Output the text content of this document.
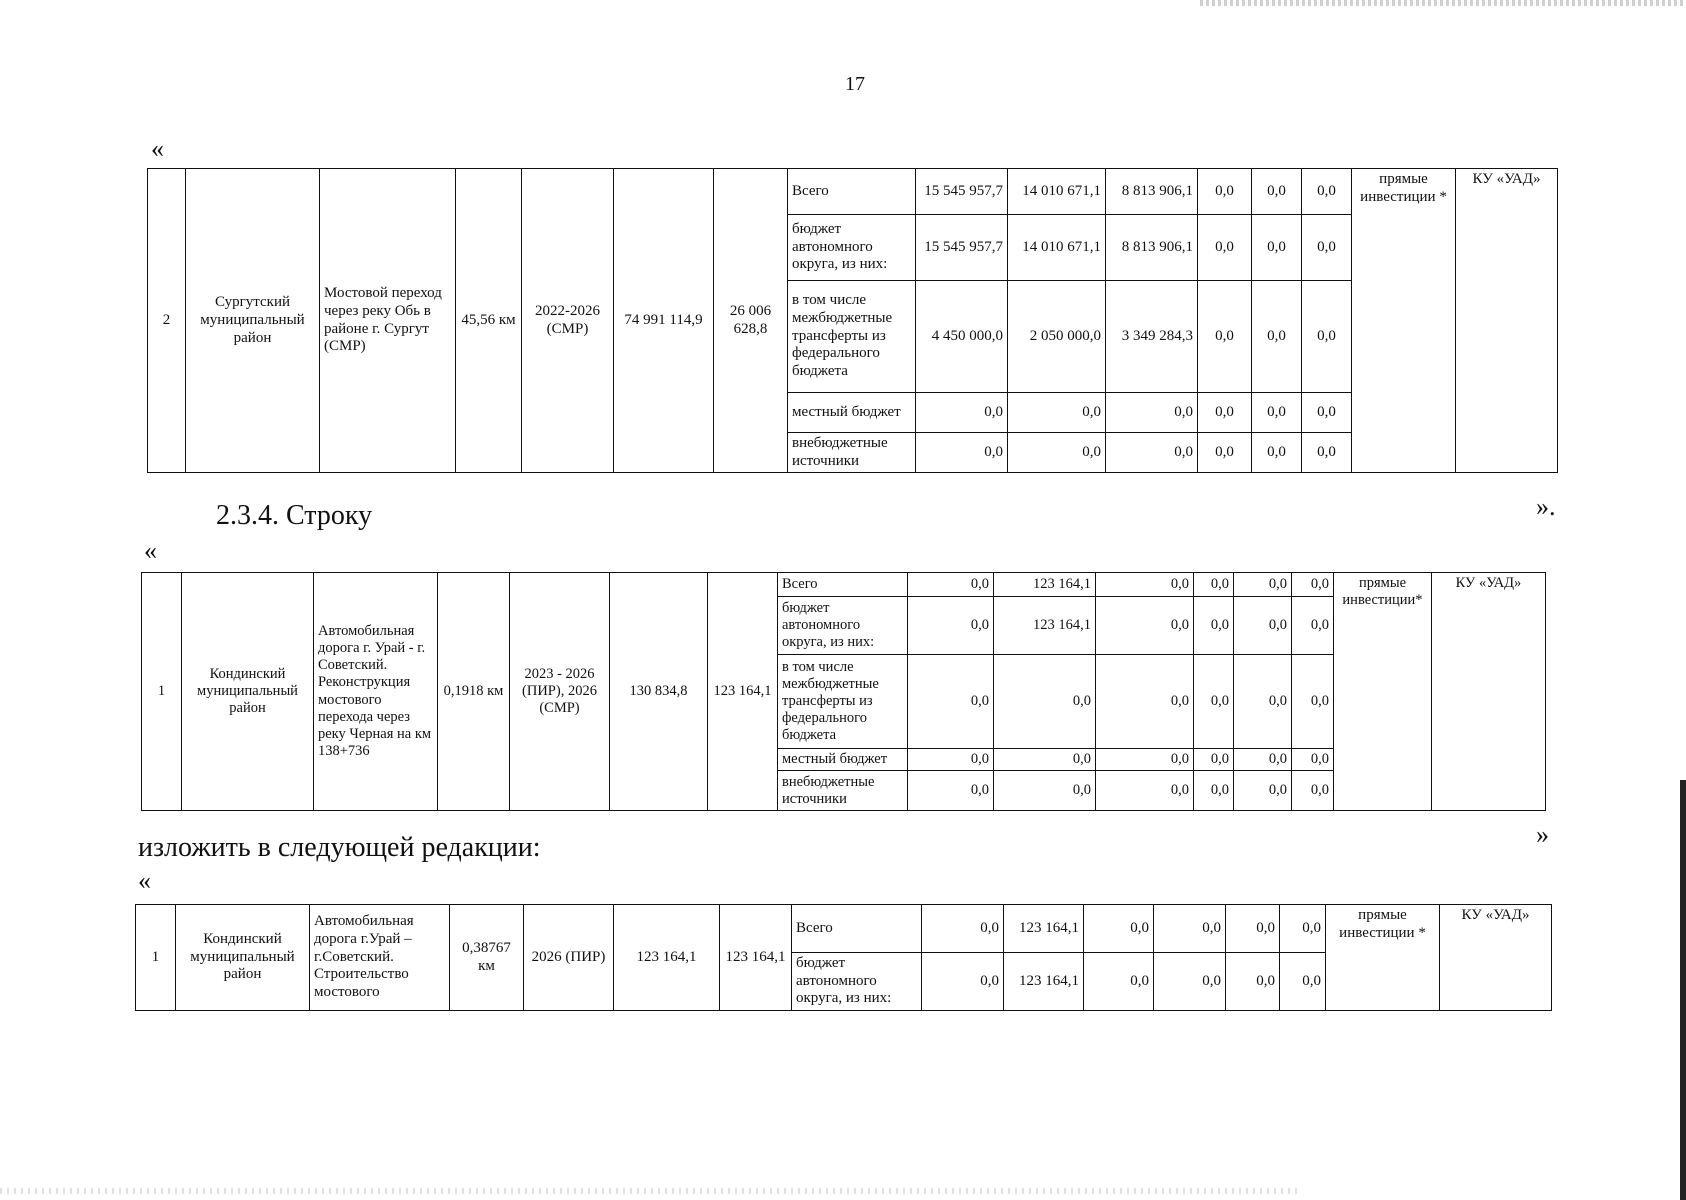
17
«
2	Сургутский муниципальный район	Мостовой переход через реку Обь в районе г. Сургут (СМР)	45,56 км	2022-2026 (СМР)	74 991 114,9	26 006 628,8	Всего	15 545 957,7	14 010 671,1	8 813 906,1	0,0	0,0	0,0	прямые инвестиции *	КУ «УАД»
							бюджет автономного округа, из них:	15 545 957,7	14 010 671,1	8 813 906,1	0,0	0,0	0,0		
							в том числе межбюджетные трансферты из федерального бюджета	4 450 000,0	2 050 000,0	3 349 284,3	0,0	0,0	0,0		
							местный бюджет	0,0	0,0	0,0	0,0	0,0	0,0		
							внебюджетные источники	0,0	0,0	0,0	0,0	0,0	0,0		
2.3.4. Строку	».
«
1	Кондинский муниципальный район	Автомобильная дорога г. Урай - г. Советский. Реконструкция мостового перехода через реку Черная на км 138+736	0,1918 км	2023 - 2026 (ПИР), 2026 (СМР)	130 834,8	123 164,1	Всего	0,0	123 164,1	0,0	0,0	0,0	0,0	прямые инвестиции*	КУ «УАД»
							бюджет автономного округа, из них:	0,0	123 164,1	0,0	0,0	0,0	0,0		
							в том числе межбюджетные трансферты из федерального бюджета	0,0	0,0	0,0	0,0	0,0	0,0		
							местный бюджет	0,0	0,0	0,0	0,0	0,0	0,0		
							внебюджетные источники	0,0	0,0	0,0	0,0	0,0	0,0		
изложить в следующей редакции:	»
«
1	Кондинский муниципальный район	Автомобильная дорога г.Урай – г.Советский. Строительство мостового	0,38767 км	2026 (ПИР)	123 164,1	123 164,1	Всего	0,0	123 164,1	0,0	0,0	0,0	0,0	прямые инвестиции *	КУ «УАД»
							бюджет автономного округа, из них:	0,0	123 164,1	0,0	0,0	0,0	0,0		
